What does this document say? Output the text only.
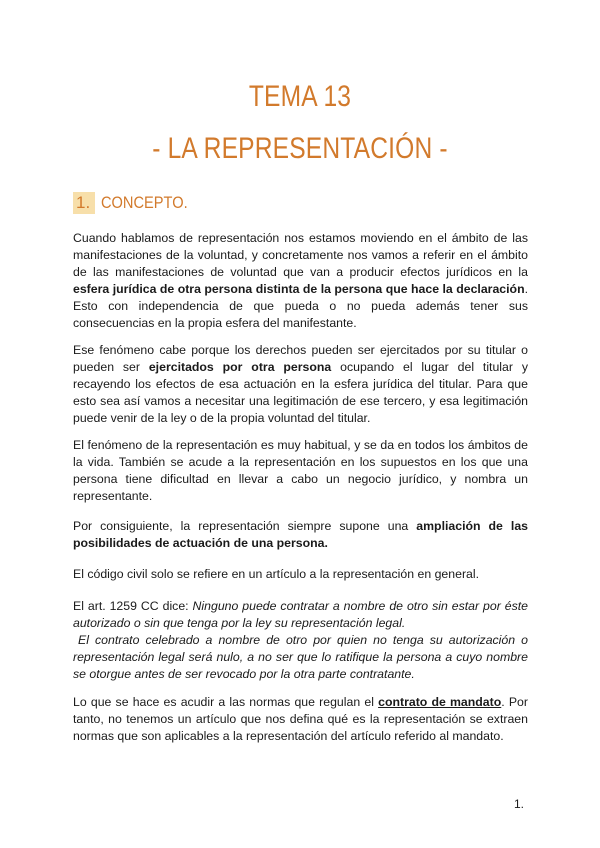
TEMA 13
- LA REPRESENTACIÓN -
1. CONCEPTO.
Cuando hablamos de representación nos estamos moviendo en el ámbito de las manifestaciones de la voluntad, y concretamente nos vamos a referir en el ámbito de las manifestaciones de voluntad que van a producir efectos jurídicos en la esfera jurídica de otra persona distinta de la persona que hace la declaración. Esto con independencia de que pueda o no pueda además tener sus consecuencias en la propia esfera del manifestante.
Ese fenómeno cabe porque los derechos pueden ser ejercitados por su titular o pueden ser ejercitados por otra persona ocupando el lugar del titular y recayendo los efectos de esa actuación en la esfera jurídica del titular. Para que esto sea así vamos a necesitar una legitimación de ese tercero, y esa legitimación puede venir de la ley o de la propia voluntad del titular.
El fenómeno de la representación es muy habitual, y se da en todos los ámbitos de la vida. También se acude a la representación en los supuestos en los que una persona tiene dificultad en llevar a cabo un negocio jurídico, y nombra un representante.
Por consiguiente, la representación siempre supone una ampliación de las posibilidades de actuación de una persona.
El código civil solo se refiere en un artículo a la representación en general.
El art. 1259 CC dice: Ninguno puede contratar a nombre de otro sin estar por éste autorizado o sin que tenga por la ley su representación legal.
El contrato celebrado a nombre de otro por quien no tenga su autorización o representación legal será nulo, a no ser que lo ratifique la persona a cuyo nombre se otorgue antes de ser revocado por la otra parte contratante.
Lo que se hace es acudir a las normas que regulan el contrato de mandato. Por tanto, no tenemos un artículo que nos defina qué es la representación se extraen normas que son aplicables a la representación del artículo referido al mandato.
1.
